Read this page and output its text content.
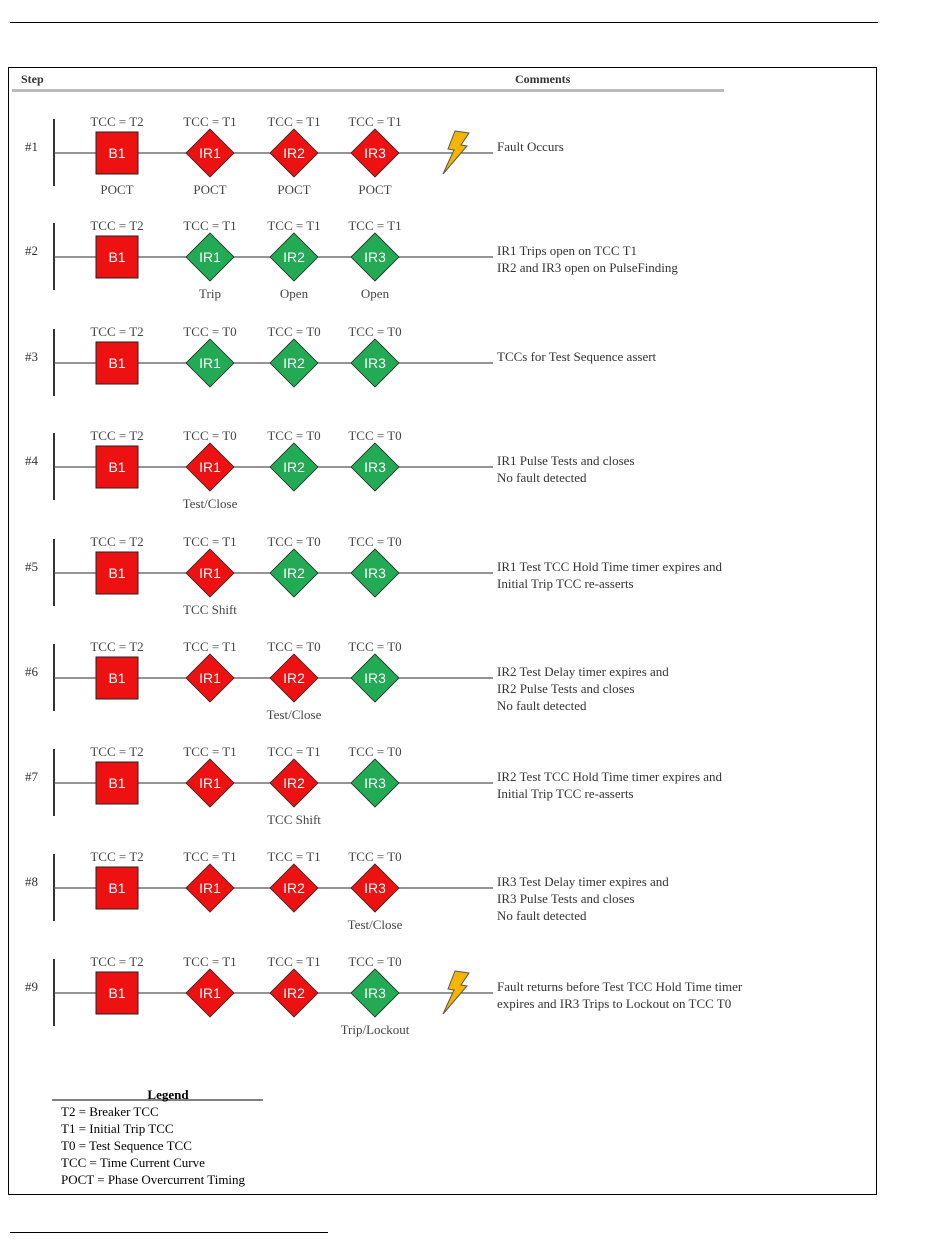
Step	Comments
#1
TCC = T2
B1
POCT
TCC = T1
IR1
POCT
TCC = T1
IR2
POCT
TCC = T1
IR3
POCT
Fault Occurs
#2
TCC = T2
B1
TCC = T1
IR1
Trip
TCC = T1
IR2
Open
TCC = T1
IR3
Open
IR1 Trips open on TCC T1
IR2 and IR3 open on PulseFinding
#3
TCC = T2
B1
TCC = T0
IR1
TCC = T0
IR2
TCC = T0
IR3	TCCs for Test Sequence assert
#4
TCC = T2
B1
TCC = T0
IR1
Test/Close
TCC = T0
IR2
TCC = T0
IR3	IR1 Pulse Tests and closes
No fault detected
#5
TCC = T2
B1
TCC = T1
IR1
TCC Shift
TCC = T0
IR2
TCC = T0
IR3	IR1 Test TCC Hold Time timer expires and
Initial Trip TCC re-asserts
#6
TCC = T2
B1
TCC = T1
IR1
TCC = T0
IR2
Test/Close
TCC = T0
IR3	IR2 Test Delay timer expires and
IR2 Pulse Tests and closes
No fault detected
#7
TCC = T2
B1
TCC = T1
IR1
TCC = T1
IR2
TCC Shift
TCC = T0
IR3	IR2 Test TCC Hold Time timer expires and
Initial Trip TCC re-asserts
#8
TCC = T2
B1
TCC = T1
IR1
TCC = T1
IR2
TCC = T0
IR3
Test/Close
IR3 Test Delay timer expires and
IR3 Pulse Tests and closes
No fault detected
#9
TCC = T2
B1
TCC = T1
IR1
TCC = T1
IR2
TCC = T0
IR3
Trip/Lockout
Fault returns before Test TCC Hold Time timer
expires and IR3 Trips to Lockout on TCC T0
Legend
T2 = Breaker TCC
T1 = Initial Trip TCC
T0 = Test Sequence TCC
TCC = Time Current Curve
POCT = Phase Overcurrent Timing
